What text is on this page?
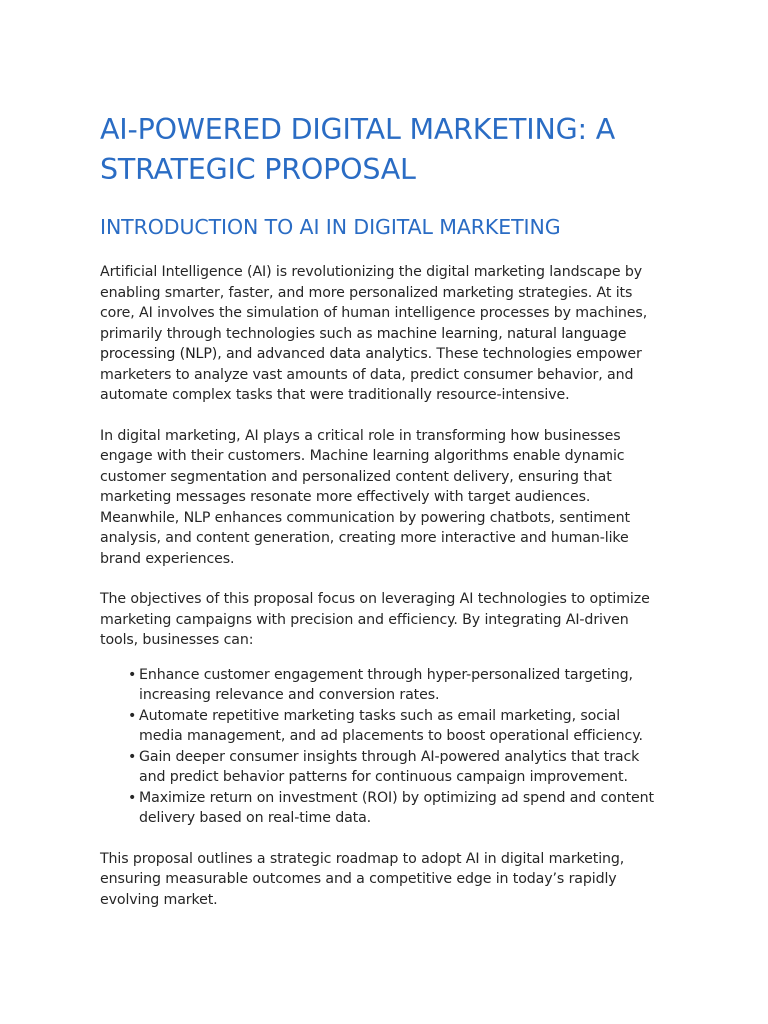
AI-POWERED DIGITAL MARKETING: A STRATEGIC PROPOSAL
INTRODUCTION TO AI IN DIGITAL MARKETING

Artificial Intelligence (AI) is revolutionizing the digital marketing landscape by enabling smarter, faster, and more personalized marketing strategies. At its core, AI involves the simulation of human intelligence processes by machines, primarily through technologies such as machine learning, natural language processing (NLP), and advanced data analytics. These technologies empower marketers to analyze vast amounts of data, predict consumer behavior, and automate complex tasks that were traditionally resource-intensive.

In digital marketing, AI plays a critical role in transforming how businesses engage with their customers. Machine learning algorithms enable dynamic customer segmentation and personalized content delivery, ensuring that marketing messages resonate more effectively with target audiences. Meanwhile, NLP enhances communication by powering chatbots, sentiment analysis, and content generation, creating more interactive and human-like brand experiences.

The objectives of this proposal focus on leveraging AI technologies to optimize marketing campaigns with precision and efficiency. By integrating AI-driven tools, businesses can:

• Enhance customer engagement through hyper-personalized targeting, increasing relevance and conversion rates.
• Automate repetitive marketing tasks such as email marketing, social media management, and ad placements to boost operational efficiency.
• Gain deeper consumer insights through AI-powered analytics that track and predict behavior patterns for continuous campaign improvement.
• Maximize return on investment (ROI) by optimizing ad spend and content delivery based on real-time data.

This proposal outlines a strategic roadmap to adopt AI in digital marketing, ensuring measurable outcomes and a competitive edge in today’s rapidly evolving market.
